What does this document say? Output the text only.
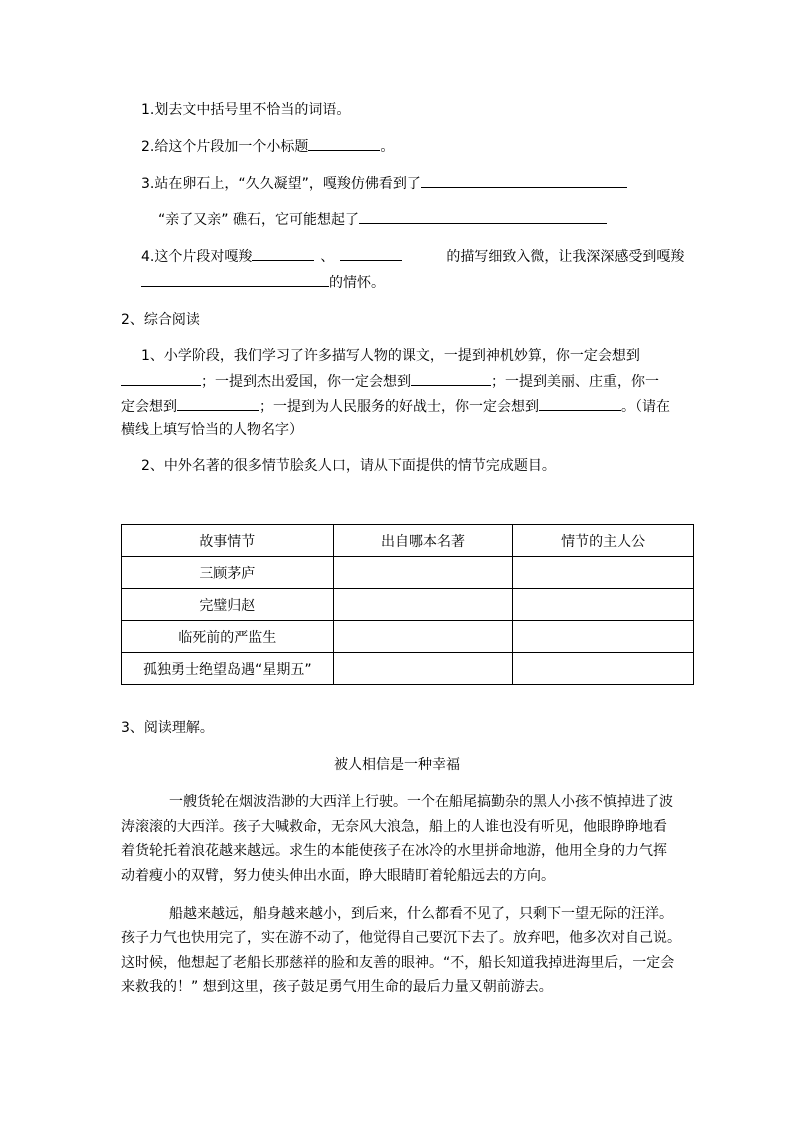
1.划去文中括号里不恰当的词语。
2.给这个片段加一个小标题	。
3.站在卵石上，“久久凝望”，嘎羧仿佛看到了
“亲了又亲” 礁石，它可能想起了
4.这个片段对嘎羧	、	的描写细致入微，让我深深感受到嘎羧
的情怀。
2、综合阅读
1、小学阶段，我们学习了许多描写人物的课文，一提到神机妙算，你一定会想到
；一提到杰出爱国，你一定会想到	；一提到美丽、庄重，你一
定会想到	；一提到为人民服务的好战士，你一定会想到	。（请在
横线上填写恰当的人物名字）
2、中外名著的很多情节脍炙人口，请从下面提供的情节完成题目。
故事情节	出自哪本名著	情节的主人公
三顾茅庐		
完璧归赵		
临死前的严监生		
孤独勇士绝望岛遇“星期五”		
3、阅读理解。
被人相信是一种幸福
一艘货轮在烟波浩渺的大西洋上行驶。一个在船尾搞勤杂的黑人小孩不慎掉进了波
涛滚滚的大西洋。孩子大喊救命，无奈风大浪急，船上的人谁也没有听见，他眼睁睁地看
着货轮托着浪花越来越远。求生的本能使孩子在冰冷的水里拼命地游，他用全身的力气挥
动着瘦小的双臂，努力使头伸出水面，睁大眼睛盯着轮船远去的方向。
船越来越远，船身越来越小，到后来，什么都看不见了，只剩下一望无际的汪洋。
孩子力气也快用完了，实在游不动了，他觉得自己要沉下去了。放弃吧，他多次对自己说。
这时候，他想起了老船长那慈祥的脸和友善的眼神。“不，船长知道我掉进海里后，一定会
来救我的！” 想到这里，孩子鼓足勇气用生命的最后力量又朝前游去。
